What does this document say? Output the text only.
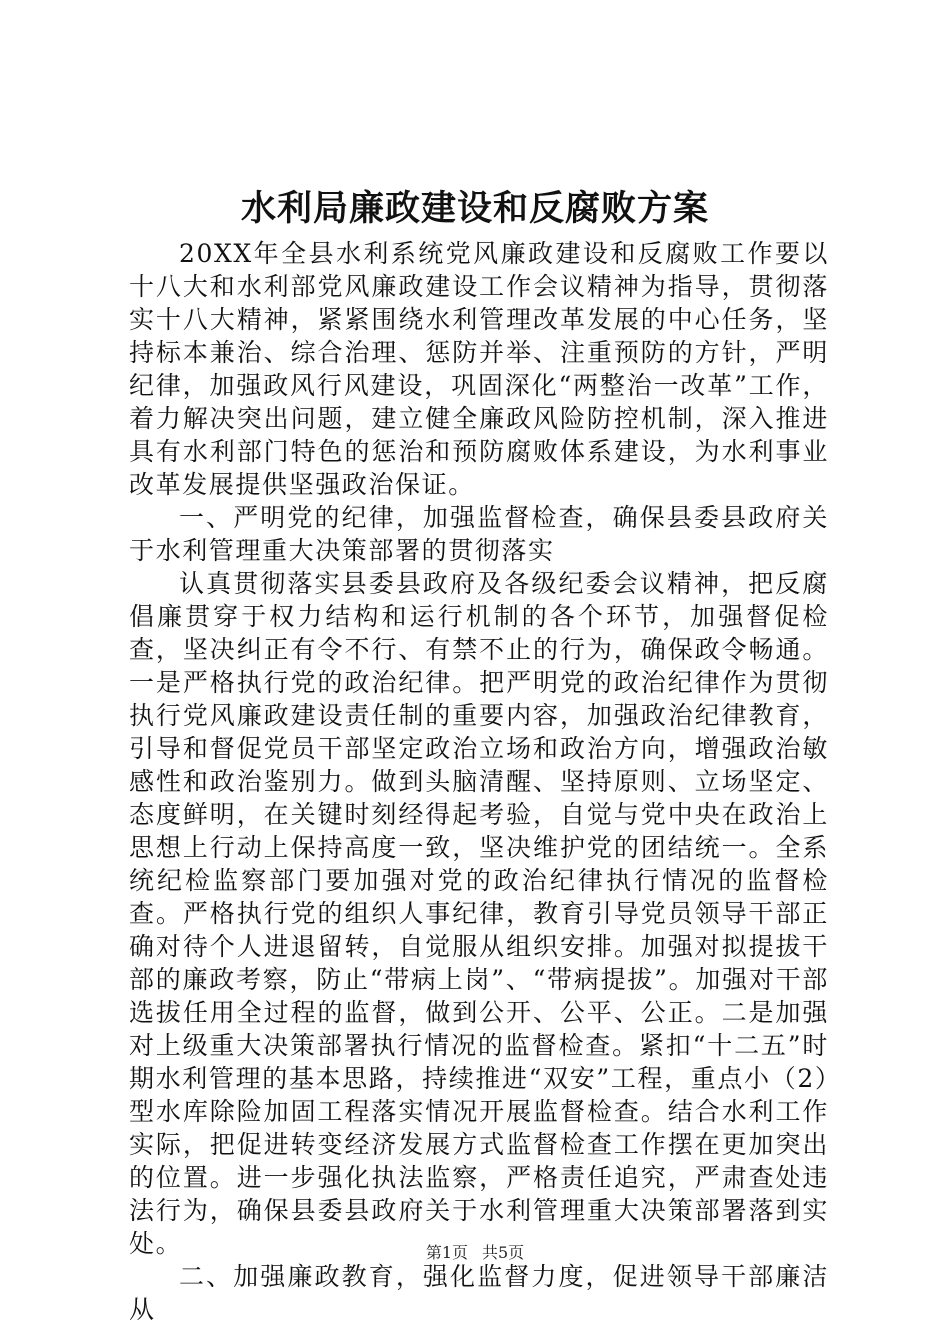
水利局廉政建设和反腐败方案

20XX年全县水利系统党风廉政建设和反腐败工作要以十八大和水利部党风廉政建设工作会议精神为指导，贯彻落实十八大精神，紧紧围绕水利管理改革发展的中心任务，坚持标本兼治、综合治理、惩防并举、注重预防的方针，严明纪律，加强政风行风建设，巩固深化“两整治一改革”工作，着力解决突出问题，建立健全廉政风险防控机制，深入推进具有水利部门特色的惩治和预防腐败体系建设，为水利事业改革发展提供坚强政治保证。

一、严明党的纪律，加强监督检查，确保县委县政府关于水利管理重大决策部署的贯彻落实

认真贯彻落实县委县政府及各级纪委会议精神，把反腐倡廉贯穿于权力结构和运行机制的各个环节，加强督促检查，坚决纠正有令不行、有禁不止的行为，确保政令畅通。一是严格执行党的政治纪律。把严明党的政治纪律作为贯彻执行党风廉政建设责任制的重要内容，加强政治纪律教育，引导和督促党员干部坚定政治立场和政治方向，增强政治敏感性和政治鉴别力。做到头脑清醒、坚持原则、立场坚定、态度鲜明，在关键时刻经得起考验，自觉与党中央在政治上思想上行动上保持高度一致，坚决维护党的团结统一。全系统纪检监察部门要加强对党的政治纪律执行情况的监督检查。严格执行党的组织人事纪律，教育引导党员领导干部正确对待个人进退留转，自觉服从组织安排。加强对拟提拔干部的廉政考察，防止“带病上岗”、“带病提拔”。加强对干部选拔任用全过程的监督，做到公开、公平、公正。二是加强对上级重大决策部署执行情况的监督检查。紧扣“十二五”时期水利管理的基本思路，持续推进“双安”工程，重点小（2）型水库除险加固工程落实情况开展监督检查。结合水利工作实际，把促进转变经济发展方式监督检查工作摆在更加突出的位置。进一步强化执法监察，严格责任追究，严肃查处违法行为，确保县委县政府关于水利管理重大决策部署落到实处。

二、加强廉政教育，强化监督力度，促进领导干部廉洁从

第1页 共5页
